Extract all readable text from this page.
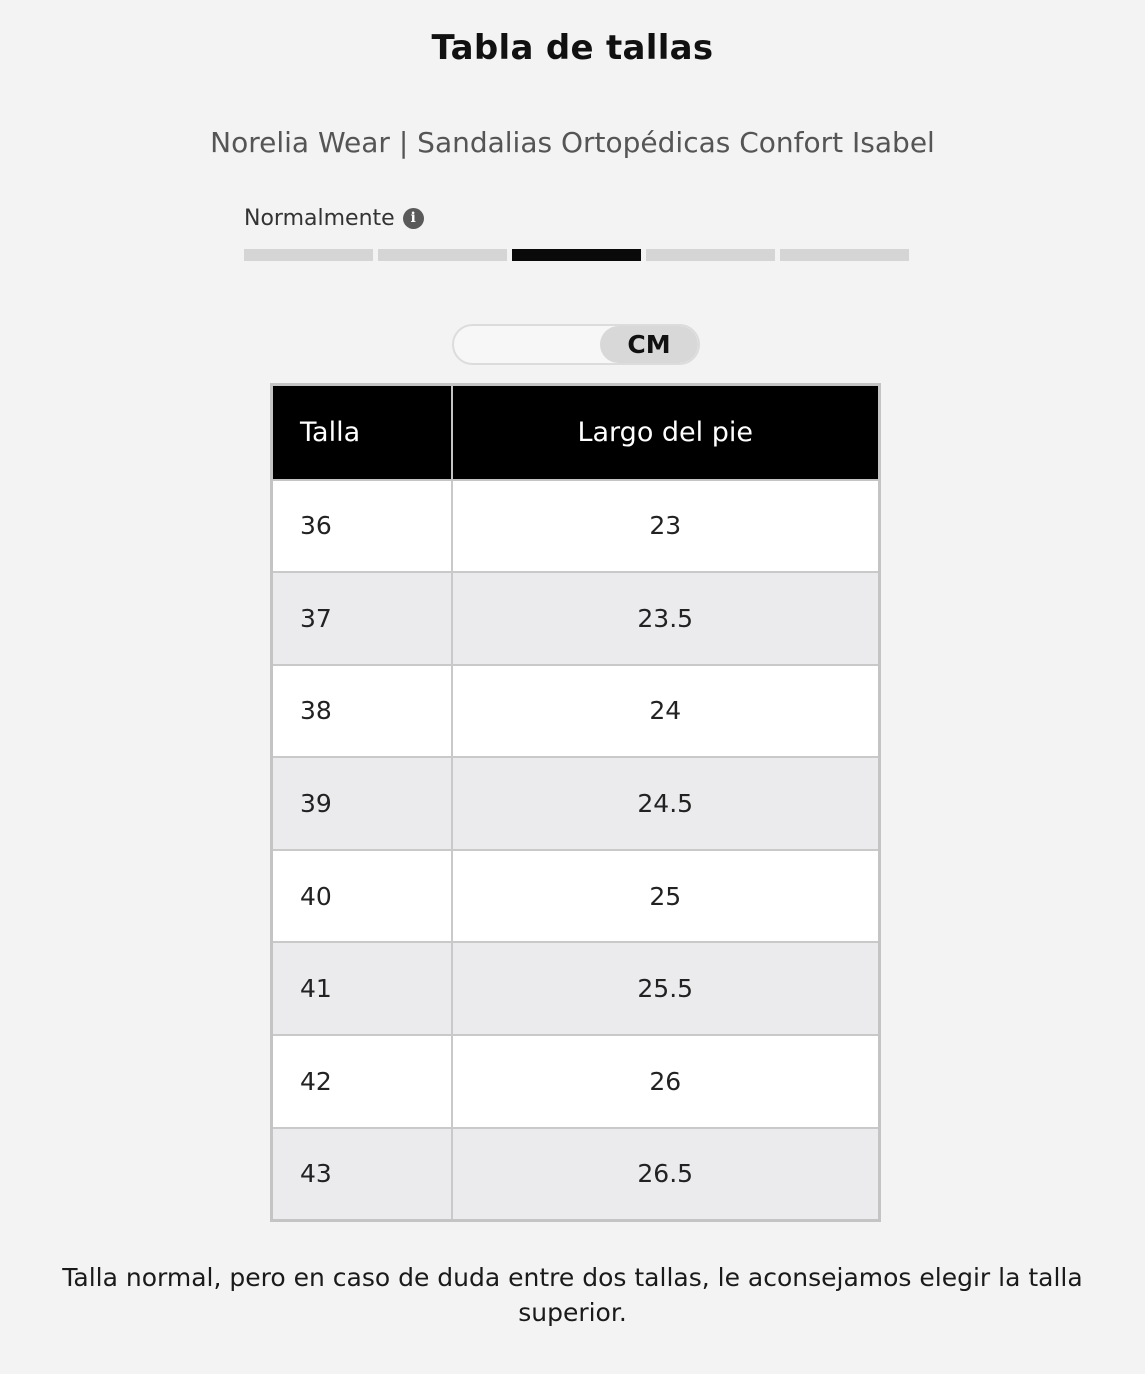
Tabla de tallas
Norelia Wear | Sandalias Ortopédicas Confort Isabel
Normalmente	i
CM
Talla	Largo del pie
36	23
37	23.5
38	24
39	24.5
40	25
41	25.5
42	26
43	26.5

Talla normal, pero en caso de duda entre dos tallas, le aconsejamos elegir la talla superior.
